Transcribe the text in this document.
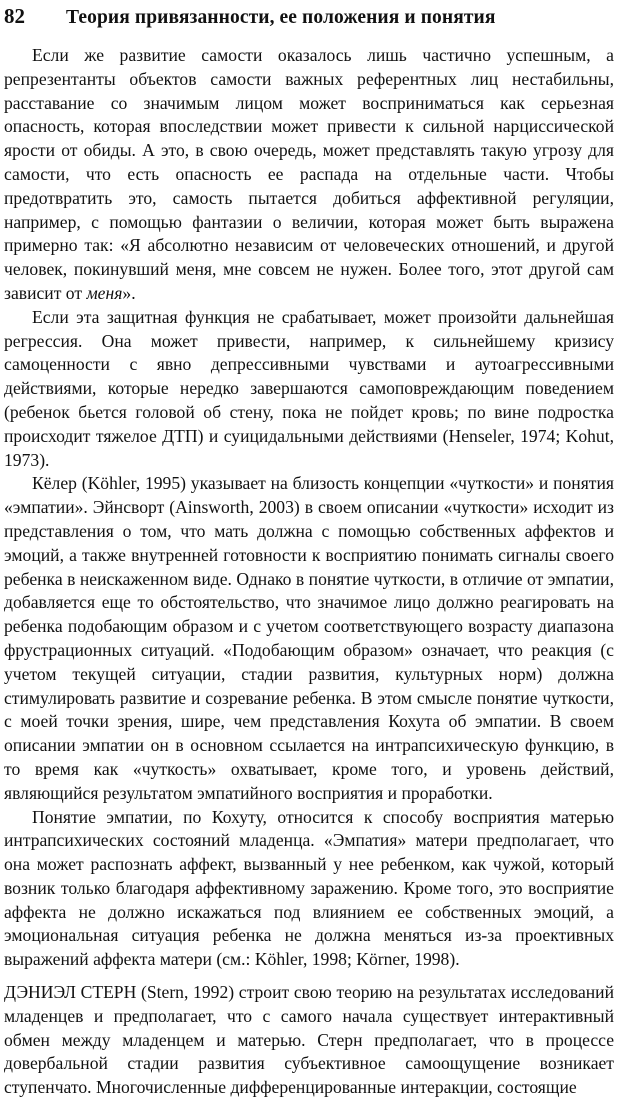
82	Теория привязанности, ее положения и понятия

Если же развитие самости оказалось лишь частично успешным, а репрезентанты объектов самости важных референтных лиц нестабильны, расставание со значимым лицом может восприниматься как серьезная опасность, которая впоследствии может привести к сильной нарциссической ярости от обиды. А это, в свою очередь, может представлять такую угрозу для самости, что есть опасность ее распада на отдельные части. Чтобы предотвратить это, самость пытается добиться аффективной регуляции, например, с помощью фантазии о величии, которая может быть выражена примерно так: «Я абсолютно независим от человеческих отношений, и другой человек, покинувший меня, мне совсем не нужен. Более того, этот другой сам зависит от меня».

Если эта защитная функция не срабатывает, может произойти дальнейшая регрессия. Она может привести, например, к сильнейшему кризису самоценности с явно депрессивными чувствами и аутоагрессивными действиями, которые нередко завершаются самоповреждающим поведением (ребенок бьется головой об стену, пока не пойдет кровь; по вине подростка происходит тяжелое ДТП) и суицидальными действиями (Henseler, 1974; Kohut, 1973).

Кёлер (Köhler, 1995) указывает на близость концепции «чуткости» и понятия «эмпатии». Эйнсворт (Ainsworth, 2003) в своем описании «чуткости» исходит из представления о том, что мать должна с помощью собственных аффектов и эмоций, а также внутренней готовности к восприятию понимать сигналы своего ребенка в неискаженном виде. Однако в понятие чуткости, в отличие от эмпатии, добавляется еще то обстоятельство, что значимое лицо должно реагировать на ребенка подобающим образом и с учетом соответствующего возрасту диапазона фрустрационных ситуаций. «Подобающим образом» означает, что реакция (с учетом текущей ситуации, стадии развития, культурных норм) должна стимулировать развитие и созревание ребенка. В этом смысле понятие чуткости, с моей точки зрения, шире, чем представления Кохута об эмпатии. В своем описании эмпатии он в основном ссылается на интрапсихическую функцию, в то время как «чуткость» охватывает, кроме того, и уровень действий, являющийся результатом эмпатийного восприятия и проработки.

Понятие эмпатии, по Кохуту, относится к способу восприятия матерью интрапсихических состояний младенца. «Эмпатия» матери предполагает, что она может распознать аффект, вызванный у нее ребенком, как чужой, который возник только благодаря аффективному заражению. Кроме того, это восприятие аффекта не должно искажаться под влиянием ее собственных эмоций, а эмоциональная ситуация ребенка не должна меняться из-за проективных выражений аффекта матери (см.: Köhler, 1998; Körner, 1998).

ДЭНИЭЛ СТЕРН (Stern, 1992) строит свою теорию на результатах исследований младенцев и предполагает, что с самого начала существует интерактивный обмен между младенцем и матерью. Стерн предполагает, что в процессе довербальной стадии развития субъективное самоощущение возникает ступенчато. Многочисленные дифференцированные интеракции, состоящие
